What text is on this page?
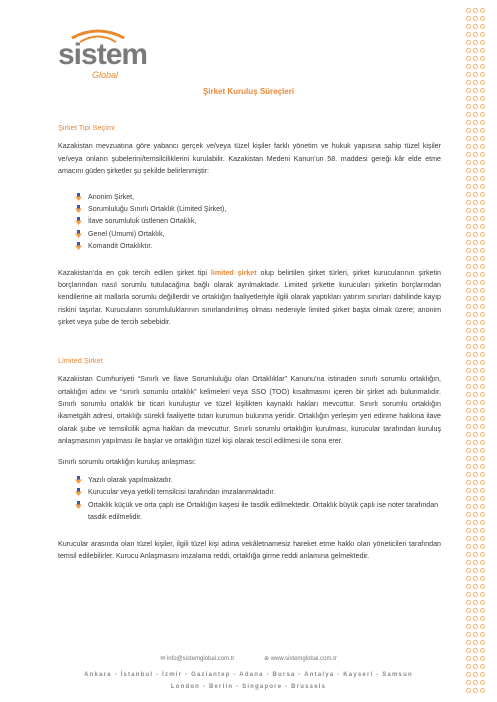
sistem
Global
Şirket Kuruluş Süreçleri
Şirket Tipi Seçimi

Kazakistan mevzuatına göre yabancı gerçek ve/veya tüzel kişiler farklı yönetim ve hukuk yapısına sahip tüzel kişiler ve/veya onların şubelerini/temsilciliklerini kurulabilir. Kazakistan Medeni Kanun’un 58. maddesi gereği kâr elde etme amacını güden şirketler şu şekilde belirlenmiştir:

Anonim Şirket,
Sorumluluğu Sınırlı Ortaklık (Limited Şirket),
İlave sorumluluk üstlenen Ortaklık,
Genel (Umumi) Ortaklık,
Komandit Ortaklıktır.

Kazakistan’da en çok tercih edilen şirket tipi limited şirket olup belirtilen şirket türleri, şirket kurucularının şirketin borçlarından nasıl sorumlu tutulacağına bağlı olarak ayrılmaktadır. Limited şirkette kurucuları şirketin borçlarından kendilerine ait mallarla sorumlu değillerdir ve ortaklığın faaliyetleriyle ilgili olarak yaptıkları yatırım sınırları dahilinde kayıp riskini taşırlar. Kurucuların sorumluluklarının sınırlandırılmış olması nedeniyle limited şirket başta olmak üzere; anonim şirket veya şube de tercih sebebidir.

Limited Şirket

Kazakistan Cumhuriyeti “Sınırlı ve İlave Sorumluluğu olan Ortaklıklar” Kanunu’na istinaden sınırlı sorumlu ortaklığın, ortaklığın adını ve “sınırlı sorumlu ortaklık” kelimeleri veya SSO (TOO) kısaltmasını içeren bir şirket adı bulunmalıdır. Sınırlı sorumlu ortaklık bir ticari kuruluştur ve tüzel kişilikten kaynaklı hakları mevcuttur. Sınırlı sorumlu ortaklığın ikametgâh adresi, ortaklığı sürekli faaliyette tutan kurumun bulunma yeridir. Ortaklığın yerleşim yeri edinme hakkına ilave olarak şube ve temsilcilik açma hakları da mevcuttur. Sınırlı sorumlu ortaklığın kurulması, kurucular tarafından kuruluş anlaşmasının yapılması ile başlar ve ortaklığın tüzel kişi olarak tescil edilmesi ile sona erer.

Sınırlı sorumlu ortaklığın kuruluş anlaşması:

Yazılı olarak yapılmaktadır.
Kurucular veya yetkili temsilcisi tarafından imzalanmaktadır.
Ortaklık küçük ve orta çaplı ise Ortaklığın kaşesi ile tasdik edilmektedir. Ortaklık büyük çaplı ise noter tarafından tasdik edilmelidir.

Kurucular arasında olan tüzel kişiler, ilgili tüzel kişi adına vekâletnamesiz hareket etme hakkı olan yöneticileri tarafından temsil edilebilirler. Kurucu Anlaşmasını imzalama reddi, ortaklığa girme reddi anlamına gelmektedir.

✉ info@sistemglobal.com.tr	⊕ www.sistemglobal.com.tr
Ankara - İstanbul - İzmir - Gaziantep - Adana - Bursa - Antalya - Kayseri - Samsun
London - Berlin - Singapore - Brussels
